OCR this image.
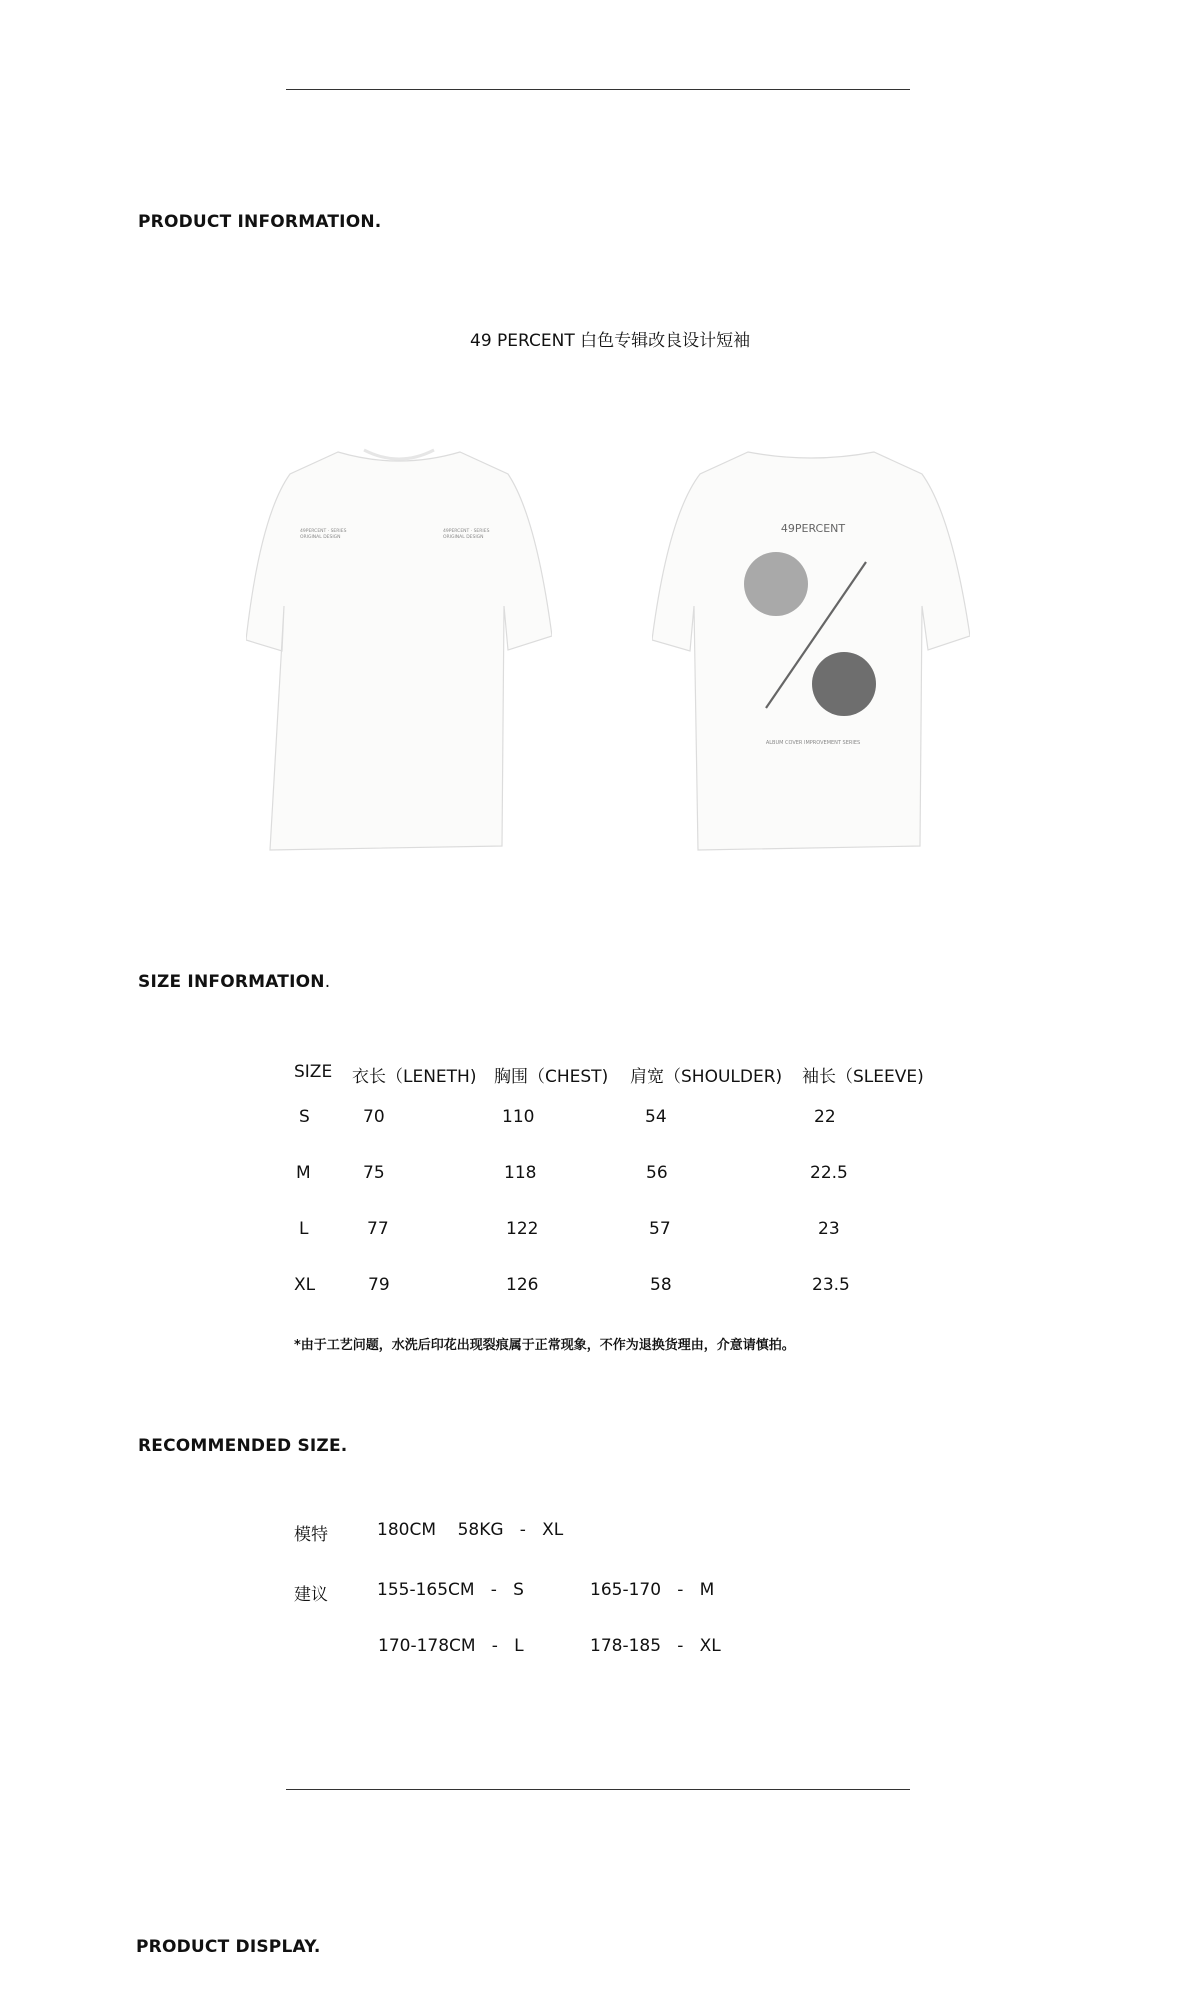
PRODUCT INFORMATION.
49 PERCENT 白色专辑改良设计短袖
49PERCENT · SERIES
ORIGINAL DESIGN
49PERCENT · SERIES
ORIGINAL DESIGN
49PERCENT
ALBUM COVER IMPROVEMENT SERIES
SIZE INFORMATION.
SIZE 衣长（LENETH) 胸围（CHEST) 肩宽（SHOULDER) 袖长（SLEEVE)
S	70	110	54	22
M	75	118	56	22.5
L	77	122	57	23
XL	79	126	58	23.5
*由于工艺问题，水洗后印花出现裂痕属于正常现象，不作为退换货理由，介意请慎拍。
RECOMMENDED SIZE.
模特	180CM    58KG   -   XL
建议	155-165CM   -   S	165-170   -   M
170-178CM   -   L	178-185   -   XL
PRODUCT DISPLAY.
